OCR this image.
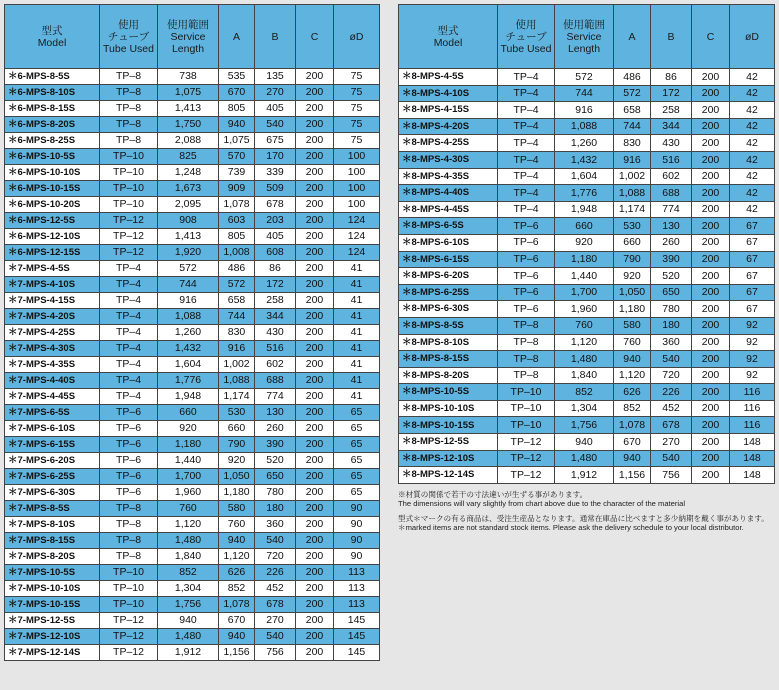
型式
Model	使用
チューブ
Tube Used	使用範囲
Service
Length	A	B	C	øD
＊6-MPS-8-5S	TP–8	738	535	135	200	75
＊6-MPS-8-10S	TP–8	1,075	670	270	200	75
＊6-MPS-8-15S	TP–8	1,413	805	405	200	75
＊6-MPS-8-20S	TP–8	1,750	940	540	200	75
＊6-MPS-8-25S	TP–8	2,088	1,075	675	200	75
＊6-MPS-10-5S	TP–10	825	570	170	200	100
＊6-MPS-10-10S	TP–10	1,248	739	339	200	100
＊6-MPS-10-15S	TP–10	1,673	909	509	200	100
＊6-MPS-10-20S	TP–10	2,095	1,078	678	200	100
＊6-MPS-12-5S	TP–12	908	603	203	200	124
＊6-MPS-12-10S	TP–12	1,413	805	405	200	124
＊6-MPS-12-15S	TP–12	1,920	1,008	608	200	124
＊7-MPS-4-5S	TP–4	572	486	86	200	41
＊7-MPS-4-10S	TP–4	744	572	172	200	41
＊7-MPS-4-15S	TP–4	916	658	258	200	41
＊7-MPS-4-20S	TP–4	1,088	744	344	200	41
＊7-MPS-4-25S	TP–4	1,260	830	430	200	41
＊7-MPS-4-30S	TP–4	1,432	916	516	200	41
＊7-MPS-4-35S	TP–4	1,604	1,002	602	200	41
＊7-MPS-4-40S	TP–4	1,776	1,088	688	200	41
＊7-MPS-4-45S	TP–4	1,948	1,174	774	200	41
＊7-MPS-6-5S	TP–6	660	530	130	200	65
＊7-MPS-6-10S	TP–6	920	660	260	200	65
＊7-MPS-6-15S	TP–6	1,180	790	390	200	65
＊7-MPS-6-20S	TP–6	1,440	920	520	200	65
＊7-MPS-6-25S	TP–6	1,700	1,050	650	200	65
＊7-MPS-6-30S	TP–6	1,960	1,180	780	200	65
＊7-MPS-8-5S	TP–8	760	580	180	200	90
＊7-MPS-8-10S	TP–8	1,120	760	360	200	90
＊7-MPS-8-15S	TP–8	1,480	940	540	200	90
＊7-MPS-8-20S	TP–8	1,840	1,120	720	200	90
＊7-MPS-10-5S	TP–10	852	626	226	200	113
＊7-MPS-10-10S	TP–10	1,304	852	452	200	113
＊7-MPS-10-15S	TP–10	1,756	1,078	678	200	113
＊7-MPS-12-5S	TP–12	940	670	270	200	145
＊7-MPS-12-10S	TP–12	1,480	940	540	200	145
＊7-MPS-12-14S	TP–12	1,912	1,156	756	200	145
型式
Model	使用
チューブ
Tube Used	使用範囲
Service
Length	A	B	C	øD
＊8-MPS-4-5S	TP–4	572	486	86	200	42
＊8-MPS-4-10S	TP–4	744	572	172	200	42
＊8-MPS-4-15S	TP–4	916	658	258	200	42
＊8-MPS-4-20S	TP–4	1,088	744	344	200	42
＊8-MPS-4-25S	TP–4	1,260	830	430	200	42
＊8-MPS-4-30S	TP–4	1,432	916	516	200	42
＊8-MPS-4-35S	TP–4	1,604	1,002	602	200	42
＊8-MPS-4-40S	TP–4	1,776	1,088	688	200	42
＊8-MPS-4-45S	TP–4	1,948	1,174	774	200	42
＊8-MPS-6-5S	TP–6	660	530	130	200	67
＊8-MPS-6-10S	TP–6	920	660	260	200	67
＊8-MPS-6-15S	TP–6	1,180	790	390	200	67
＊8-MPS-6-20S	TP–6	1,440	920	520	200	67
＊8-MPS-6-25S	TP–6	1,700	1,050	650	200	67
＊8-MPS-6-30S	TP–6	1,960	1,180	780	200	67
＊8-MPS-8-5S	TP–8	760	580	180	200	92
＊8-MPS-8-10S	TP–8	1,120	760	360	200	92
＊8-MPS-8-15S	TP–8	1,480	940	540	200	92
＊8-MPS-8-20S	TP–8	1,840	1,120	720	200	92
＊8-MPS-10-5S	TP–10	852	626	226	200	116
＊8-MPS-10-10S	TP–10	1,304	852	452	200	116
＊8-MPS-10-15S	TP–10	1,756	1,078	678	200	116
＊8-MPS-12-5S	TP–12	940	670	270	200	148
＊8-MPS-12-10S	TP–12	1,480	940	540	200	148
＊8-MPS-12-14S	TP–12	1,912	1,156	756	200	148

※材質の関係で若干の寸法違いが生ずる事があります。
The dimensions will vary slightly from chart above due to the character of the material

型式＊マークの有る商品は、受注生産品となります。通常在庫品に比べますと多少納期を戴く事があります。
＊marked items are not standard stock items. Please ask the delivery schedule to your local distributor.
